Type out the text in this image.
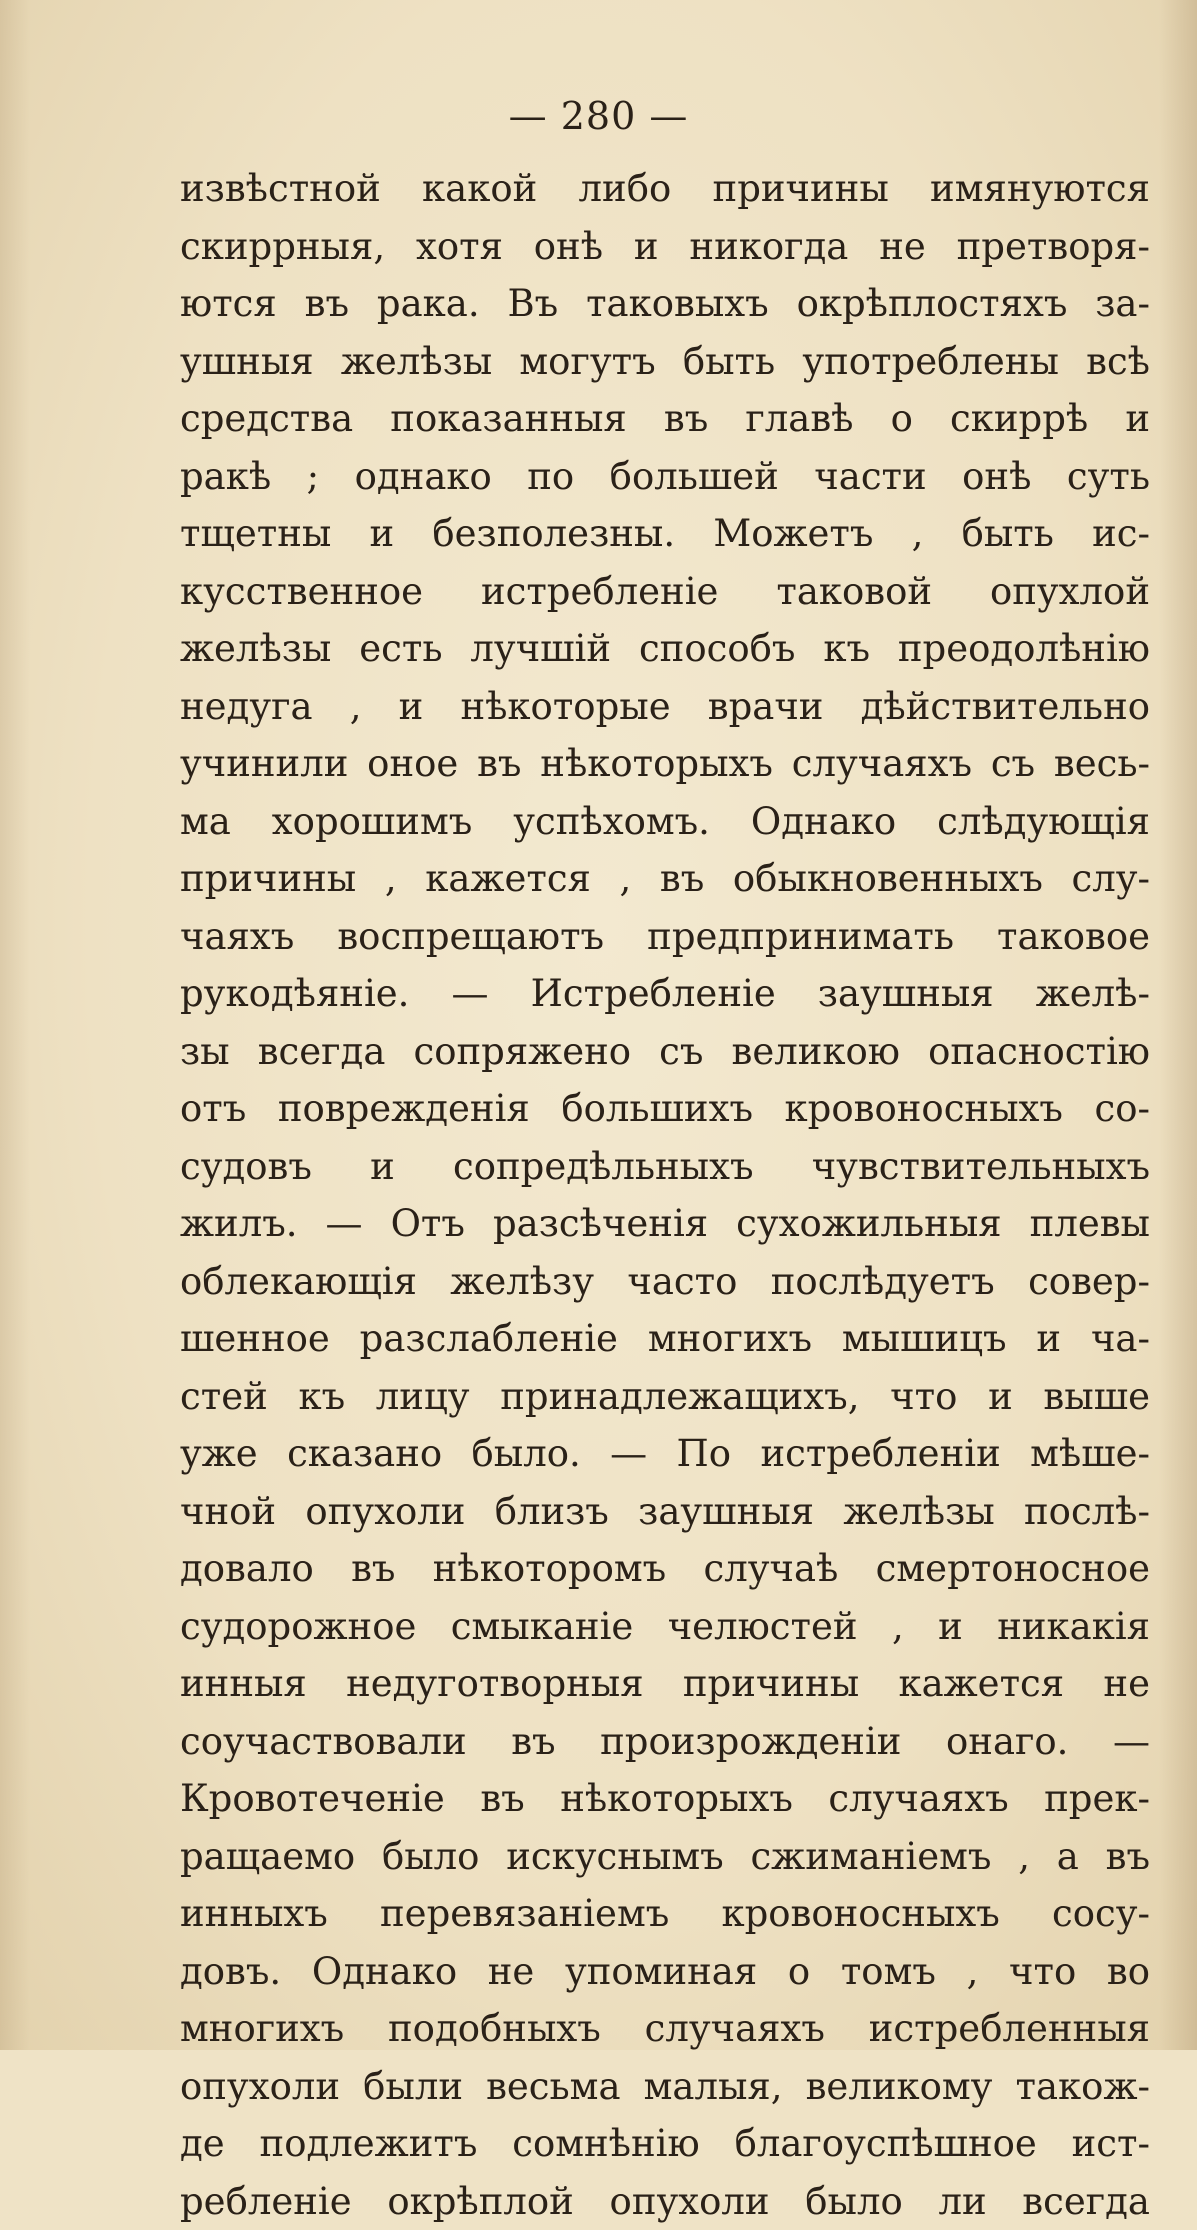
— 280 —
извѣстной какой либо причины имянуются
скиррныя, хотя онѣ и никогда не претворя-
ются въ рака. Въ таковыхъ окрѣплостяхъ за-
ушныя желѣзы могутъ быть употреблены всѣ
средства показанныя въ главѣ о скиррѣ и
ракѣ ; однако по большей части онѣ суть
тщетны и безполезны. Можетъ , быть ис-
кусственное истребленіе таковой опухлой
желѣзы есть лучшій способъ къ преодолѣнію
недуга , и нѣкоторые врачи дѣйствительно
учинили оное въ нѣкоторыхъ случаяхъ съ весь-
ма хорошимъ успѣхомъ. Однако слѣдующія
причины , кажется , въ обыкновенныхъ слу-
чаяхъ воспрещаютъ предпринимать таковое
рукодѣяніе. — Истребленіе заушныя желѣ-
зы всегда сопряжено съ великою опасностію
отъ поврежденія большихъ кровоносныхъ со-
судовъ и сопредѣльныхъ чувствительныхъ
жилъ. — Отъ разсѣченія сухожильныя плевы
облекающія желѣзу часто послѣдуетъ совер-
шенное разслабленіе многихъ мышицъ и ча-
стей къ лицу принадлежащихъ, что и выше
уже сказано было. — По истребленіи мѣше-
чной опухоли близъ заушныя желѣзы послѣ-
довало въ нѣкоторомъ случаѣ смертоносное
судорожное смыканіе челюстей , и никакія
инныя недуготворныя причины кажется не
соучаствовали въ произрожденіи онаго. —
Кровотеченіе въ нѣкоторыхъ случаяхъ прек-
ращаемо было искуснымъ сжиманіемъ , а въ
инныхъ перевязаніемъ кровоносныхъ сосу-
довъ. Однако не упоминая о томъ , что во
многихъ подобныхъ случаяхъ истребленныя
опухоли были весьма малыя, великому також-
де подлежитъ сомнѣнію благоуспѣшное ист-
ребленіе окрѣплой опухоли было ли всегда
